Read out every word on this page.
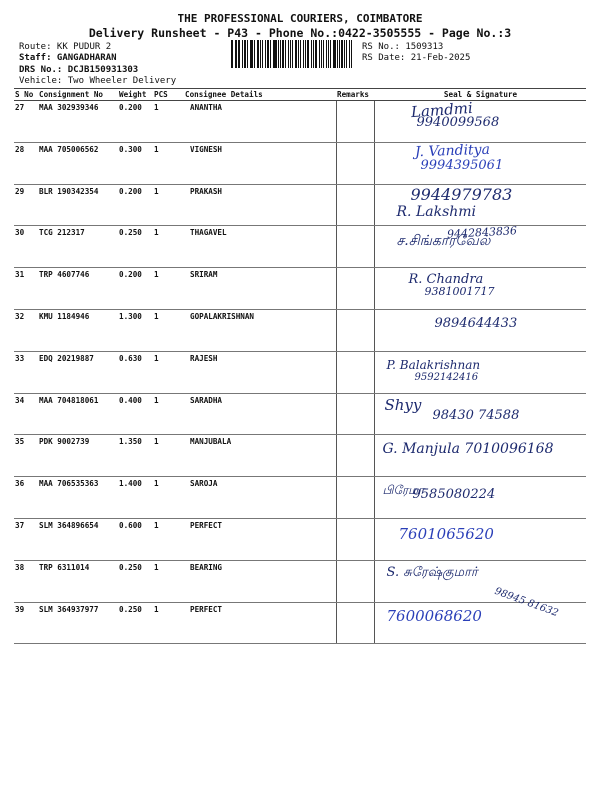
THE PROFESSIONAL COURIERS, COIMBATORE
Delivery Runsheet - P43 - Phone No.:0422-3505555 - Page No.:3
Route: KK PUDUR 2
Staff: GANGADHARAN
DRS No.: DCJB150931303
Vehicle: Two Wheeler Delivery
RS No.: 1509313
RS Date: 21-Feb-2025
S No	Consignment No	Weight	PCS	Consignee Details	Remarks	Seal & Signature
27	MAA 302939346	0.200	1	ANANTHA		Lamdmi
9940099568

28	MAA 705006562	0.300	1	VIGNESH		J. Vanditya
9994395061

29	BLR 190342354	0.200	1	PRAKASH		9944979783
R. Lakshmi

30	TCG 212317	0.250	1	THAGAVEL		9442843836
ச.சிங்காரவேல்

31	TRP 4607746	0.200	1	SRIRAM		R. Chandra
9381001717

32	KMU 1184946	1.300	1	GOPALAKRISHNAN		9894644433

33	EDQ 20219887	0.630	1	RAJESH		P. Balakrishnan
9592142416

34	MAA 704818061	0.400	1	SARADHA		Shyy
98430 74588

35	PDK 9002739	1.350	1	MANJUBALA		G. Manjula 7010096168

36	MAA 706535363	1.400	1	SAROJA		பிரேமா
9585080224

37	SLM 364896654	0.600	1	PERFECT		7601065620

38	TRP 6311014	0.250	1	BEARING		S. சுரேஷ்குமார்

39	SLM 364937977	0.250	1	PERFECT		7600068620 98945 81632
